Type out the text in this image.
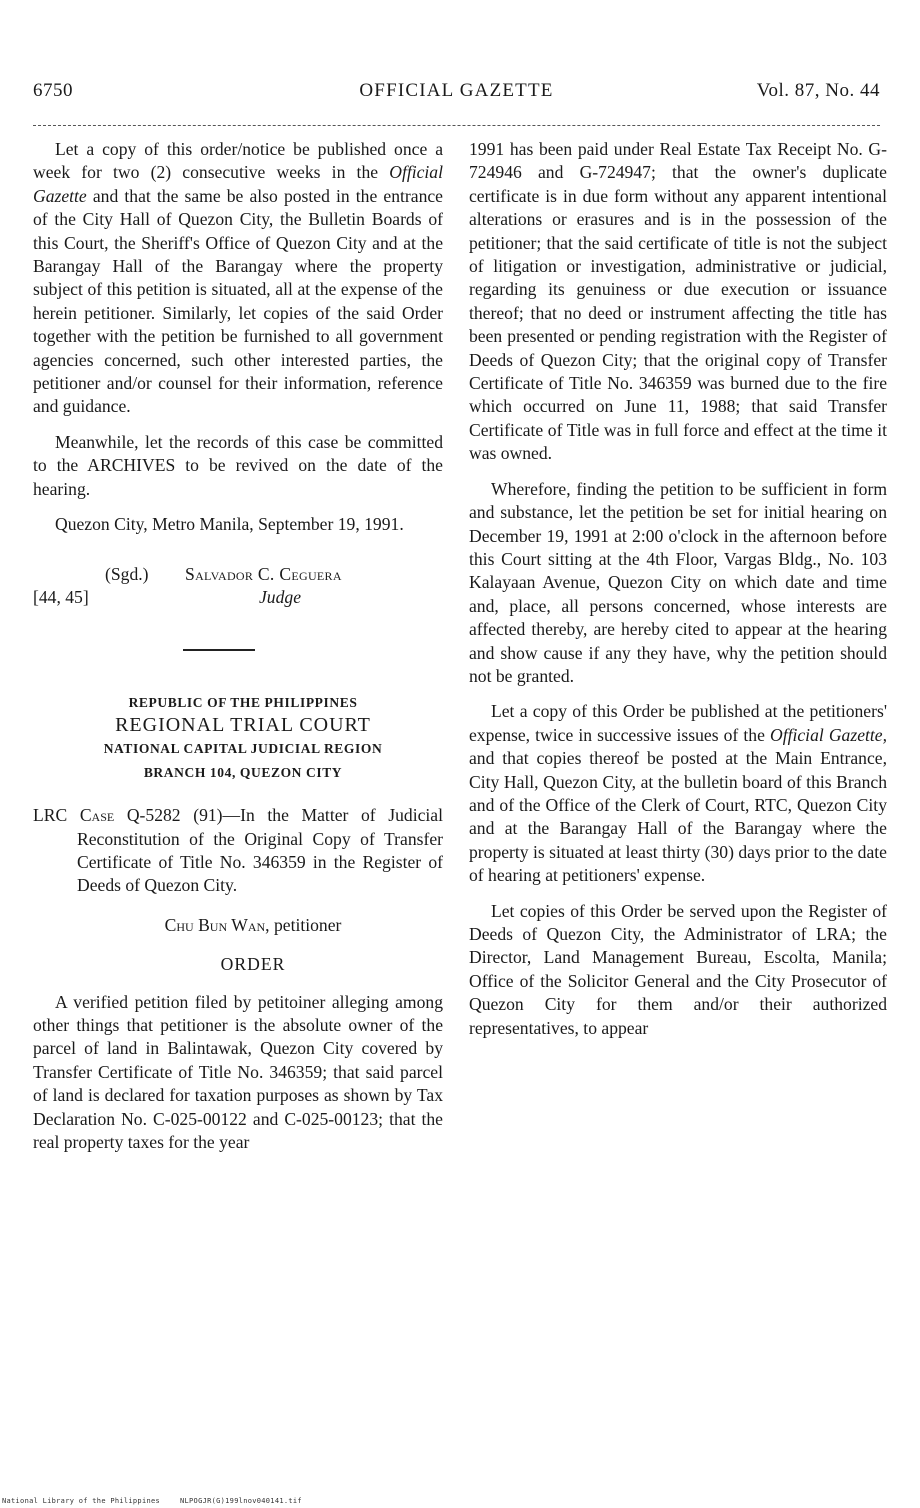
6750	OFFICIAL GAZETTE	Vol. 87, No. 44

Let a copy of this order/notice be published once a week for two (2) consecutive weeks in the Official Gazette and that the same be also posted in the entrance of the City Hall of Quezon City, the Bulletin Boards of this Court, the Sheriff's Office of Quezon City and at the Barangay Hall of the Barangay where the property subject of this petition is situated, all at the expense of the herein petitioner. Similarly, let copies of the said Order together with the petition be furnished to all government agencies concerned, such other interested parties, the petitioner and/or counsel for their information, reference and guidance.

Meanwhile, let the records of this case be committed to the ARCHIVES to be revived on the date of the hearing.

Quezon City, Metro Manila, September 19, 1991.

(Sgd.) Salvador C. Ceguera
[44, 45]	Judge
REPUBLIC OF THE PHILIPPINES
REGIONAL TRIAL COURT
NATIONAL CAPITAL JUDICIAL REGION
BRANCH 104, QUEZON CITY
LRC Case Q-5282 (91)—In the Matter of Judicial Reconstitution of the Original Copy of Transfer Certificate of Title No. 346359 in the Register of Deeds of Quezon City.
Chu Bun Wan, petitioner
ORDER

A verified petition filed by petitoiner alleging among other things that petitioner is the absolute owner of the parcel of land in Balintawak, Quezon City covered by Transfer Certificate of Title No. 346359; that said parcel of land is declared for taxation purposes as shown by Tax Declaration No. C-025-00122 and C-025-00123; that the real property taxes for the year

1991 has been paid under Real Estate Tax Receipt No. G-724946 and G-724947; that the owner's duplicate certificate is in due form without any apparent intentional alterations or erasures and is in the possession of the petitioner; that the said certificate of title is not the subject of litigation or investigation, administrative or judicial, regarding its genuiness or due execution or issuance thereof; that no deed or instrument affecting the title has been presented or pending registration with the Register of Deeds of Quezon City; that the original copy of Transfer Certificate of Title No. 346359 was burned due to the fire which occurred on June 11, 1988; that said Transfer Certificate of Title was in full force and effect at the time it was owned.

Wherefore, finding the petition to be sufficient in form and substance, let the petition be set for initial hearing on December 19, 1991 at 2:00 o'clock in the afternoon before this Court sitting at the 4th Floor, Vargas Bldg., No. 103 Kalayaan Avenue, Quezon City on which date and time and, place, all persons concerned, whose interests are affected thereby, are hereby cited to appear at the hearing and show cause if any they have, why the petition should not be granted.

Let a copy of this Order be published at the petitioners' expense, twice in successive issues of the Official Gazette, and that copies thereof be posted at the Main Entrance, City Hall, Quezon City, at the bulletin board of this Branch and of the Office of the Clerk of Court, RTC, Quezon City and at the Barangay Hall of the Barangay where the property is situated at least thirty (30) days prior to the date of hearing at petitioners' expense.

Let copies of this Order be served upon the Register of Deeds of Quezon City, the Administrator of LRA; the Director, Land Management Bureau, Escolta, Manila; Office of the Solicitor General and the City Prosecutor of Quezon City for them and/or their authorized representatives, to appear

National Library of the Philippines	NLPOGJR(G)199lnov040141.tif
